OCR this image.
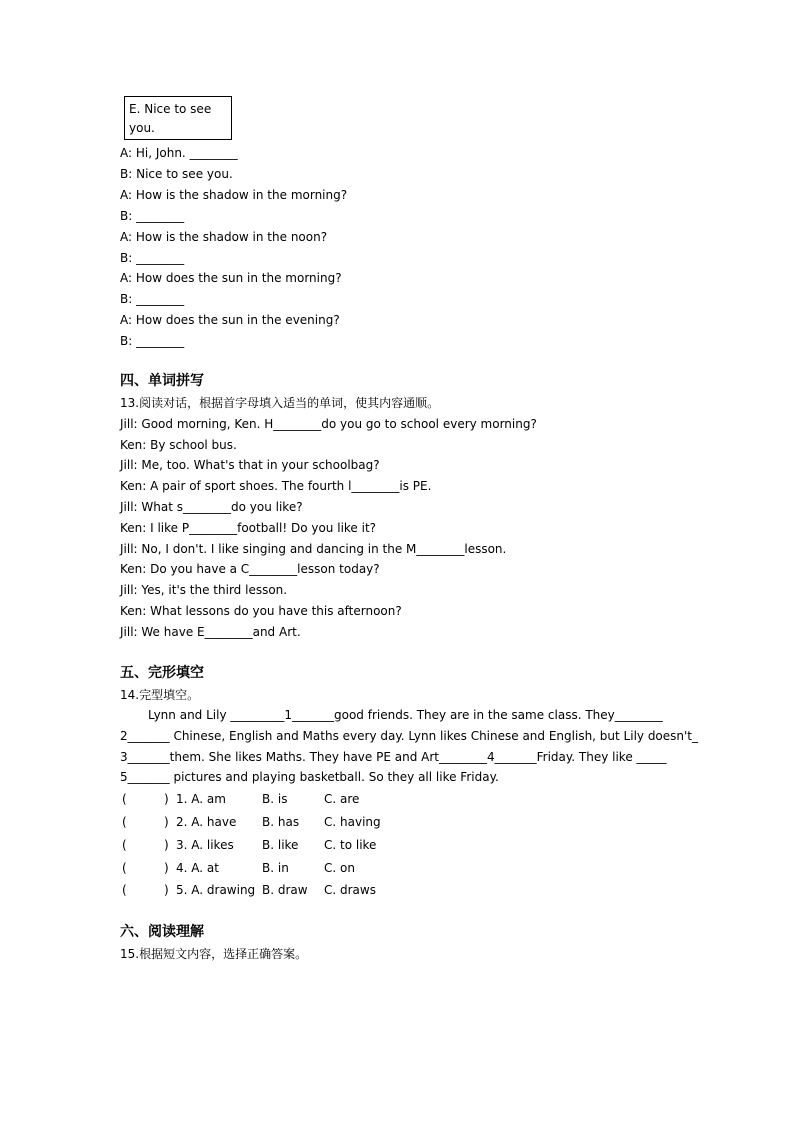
E. Nice to see
you.
A: Hi, John. ________
B: Nice to see you.
A: How is the shadow in the morning?
B: ________
A: How is the shadow in the noon?
B: ________
A: How does the sun in the morning?
B: ________
A: How does the sun in the evening?
B: ________
四、单词拼写
13.阅读对话，根据首字母填入适当的单词，使其内容通顺。
Jill: Good morning, Ken. H________do you go to school every morning?
Ken: By school bus.
Jill: Me, too. What's that in your schoolbag?
Ken: A pair of sport shoes. The fourth l________is PE.
Jill: What s________do you like?
Ken: I like P________football! Do you like it?
Jill: No, I don't. I like singing and dancing in the M________lesson.
Ken: Do you have a C________lesson today?
Jill: Yes, it's the third lesson.
Ken: What lessons do you have this afternoon?
Jill: We have E________and Art.
五、完形填空
14.完型填空。
Lynn and Lily _________1_______good friends. They are in the same class. They________
2_______ Chinese, English and Maths every day. Lynn likes Chinese and English, but Lily doesn't_
3_______them. She likes Maths. They have PE and Art________4_______Friday. They like _____
5_______ pictures and playing basketball. So they all like Friday.
(	) 1. A. am	B. is	C. are
(	) 2. A. have B. has C. having
(	) 3. A. likes B. like C. to like
(	) 4. A. at	B. in	C. on
(	) 5. A. drawing B. draw C. draws
六、阅读理解
15.根据短文内容，选择正确答案。
